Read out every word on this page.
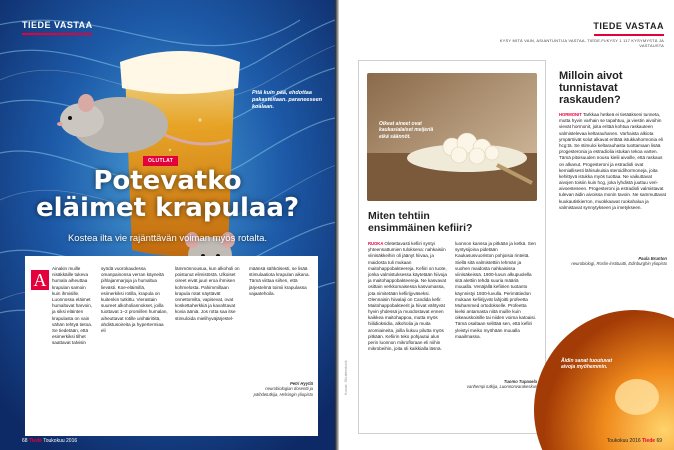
TIEDE VASTAA
Pitä kuin pää, ehdottaa pakasteitaan. paraneeseen koalaan.
OLUTLAT
Potevatko
eläimet krapulaa?
Kostea ilta vie rajänttävän voiman myös rotalta.
A
Ainakin muille nisäkkäille tukeva humala aiheuttaa krapulan samoin kuin ihmisille. Luonnossa eläimet humaltuvat harvoin, ja siksi eläinten krapulasta on vain vähän tehtyä tietoa. Se tiedetään, että esimerkiksi tilhet saattavat talvisin
syödä vuorokaudessa omanpainonsa verran käyneitä pihlajanmarjoja ja humaltua lievästi. Koe-eläimillä, esimerkiksi rotilla, krapula on kuitenkin tutkittu. Vierastain suureet alkoholiannokset, joilla tuottavat 1–2 promillen humalan, aiheuttavat rotille unihäiriöitä, ahdistusoireita ja hypertermiaa eli
lämmönnousua, kun alkoholi on poistunut elimistöstä. Ulkoiset oireet eivät juuri eroa ihmisen kohmelosta. Pahimmillaan krapula rotat näyttävät onnettomilta, vapisevat, ovat koskettaherkkiä ja kavahtavat kovia ääniä. Jos rotta saa itse stimuloida mielihyväjärjestel-
määnsä sähköisesti, se lisää stimulaatiota krapulan aikana. Tämä viittaa siihen, että järjestelmä toimii krapulassa vajaatehoila.
Petri Hyytiä
neurobiologian dosentti ja päihdetutkija, Helsingin yliopisto
68 Tiede Toukokuu 2016
TIEDE VASTAA
KYSY MITÄ VAIN, ASIANTUNTIJA VASTAA. TIEDE.FI/KYSY 1 117 KYSYMYSTÄ JA VASTAUSTA
Oikeat aineet ovat kaukasialaiset meijeriä eikä säännöt.
Miten tehtiin
ensimmäinen kefiiri?
RUOKA Oletettavasti kefiiri syntyi yhteensattumien tuloksena: nahkaisiin viinisäkkeihin oli jäänyt hiivaa, ja maidosta tuli mukaan maitohappobakteereja. Kefiiri on tuote, jonka valmistuksessa käytetään hiivoja ja maitohappobakteereja. Ne kasvavat osittain verkkomaisessa kasvumassa, jota nimitetään kefiirijyväseksi. Olennaisin hiivalaji on Candida kefir. Maitohappobakteerit ja hiivat vähtyvät hyvin yhdessä ja muodostavat ennen kaikkea maitohappoa, mutta myös hiilidioksidia, alkoholia ja muita aromiaineita, joilla liukuu pilutta myös pitkään. Kefiirin teko pohjautui alun perin luonnon mikrofloraan eli niihin mikrobeihin, joita oli kaikkialla läsnä.
luonnon kanssa ja pitkään ja ketkä. Sen syntysijoina pidetään Kaukasusvuoriston pohjoisia rinteitä. Siellä sitä valmistettiin lehmän ja vuohen maidosta nahkaisissa viinisäkeissä. 1900-luvun alkupuolella sitä alettiin tehdä suuria määriä muualla. Venäjällä kefiirien tuotanto käynnistyi 1930-luvulla. Perimätiedon mukaan kefiirijyvät lahjoitti profeetta Muhammed ortodokselle. Profeetta kielsi antamasta niitä muille kuin oikeauskoisille tai niiden voima katoaisi. Tämä osaltaan selittää sen, että kefiiri yleistyi meiko myöhään muualla maailmassa.
Tuomo Tupasela
vanhempi tutkija, Luonnonvarakeskus
Milloin aivot
tunnistavat
raskauden?
HORMONIT Tarkkaa hetkeä ei tietääkseni tunneta, mutta hyvin varhain se tapahtuu, ja viestin aivoihin vievät hormonit, joita eritää kohtua raskauteen valmistelevaa keltarauhanen. Varhaista alkiota ympäröivät solut alkavat erittää istukkahormonia eli hcg:tä. Se stimuloi keltarauhasta tuottamaan lisää progesteronia ja estradiolia istukan tekoa varten. Tämä pitoisuuden nousu kielii aivoille, että raskaus on alkanut. Progesteroni ja estradioli ovat kemiallisesti lähisukuisia steroidihormoneja, joita kehittyvä istukka myös tuottaa. Ne vaikuttavat aivojen toisiin kuin hcg, joka lyhdistä juuttuu veri-aivoesteseen. Progesteroni ja estradioli valmistavat tulevan äidin aivoissa monin tavoin. Ne sammuttavat kuukautiskierron, muokkaavat ruokahalua ja valmistavat synnytykseen ja imetykseen.
Paula Brunton
neurobiologi, Roslin-instituutti, Edinburghin yliopisto
Äidin sanat tuoutuvat aivoja myöhemmin.
Kuvat: Shutterstock
Toukokuu 2016 Tiede 69
